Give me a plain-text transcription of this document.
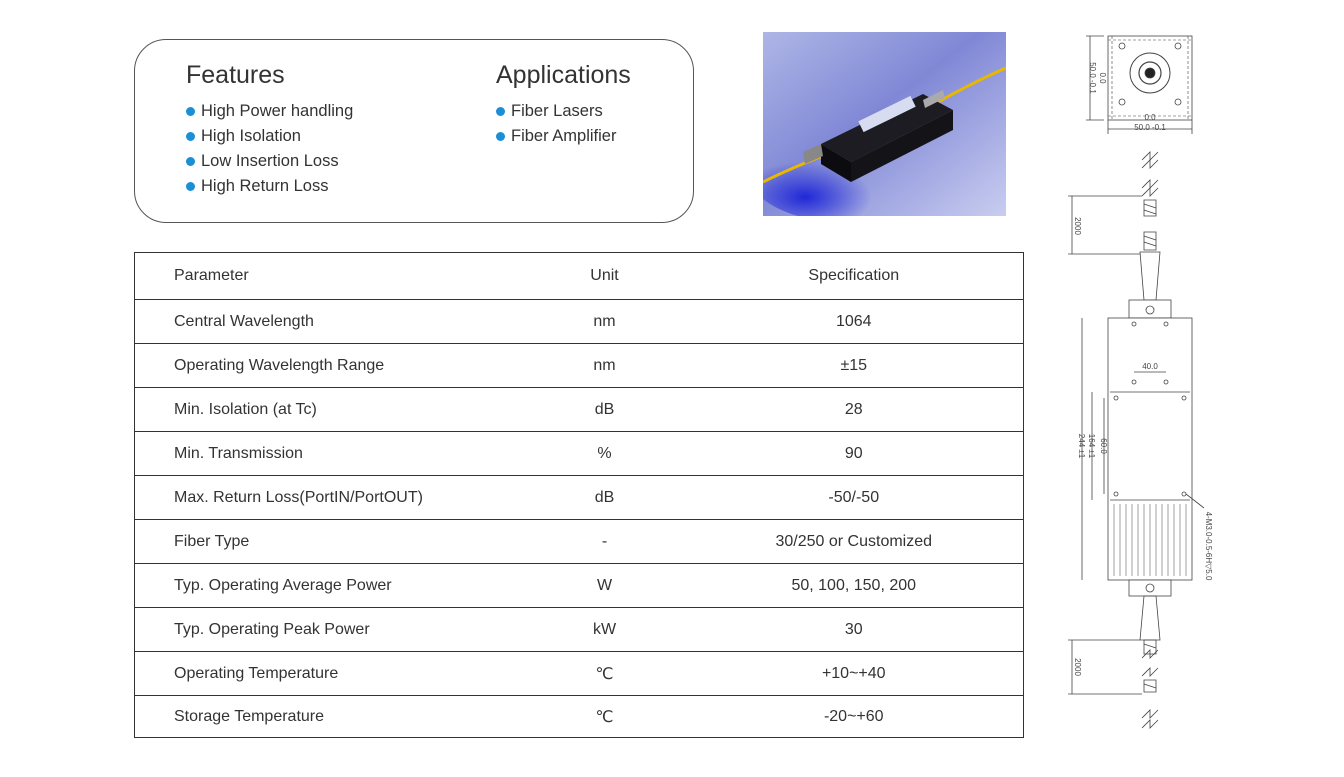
Features
High Power handling
High Isolation
Low Insertion Loss
High Return Loss
Applications
Fiber Lasers
Fiber Amplifier
Parameter	Unit	Specification
Central Wavelength	nm	1064
Operating Wavelength Range	nm	±15
Min. Isolation (at Tc)	dB	28
Min. Transmission	%	90
Max. Return Loss(PortIN/PortOUT)	dB	-50/-50
Fiber Type	-	30/250 or Customized
Typ. Operating Average Power	W	50, 100, 150, 200
Typ. Operating Peak Power	kW	30
Operating Temperature	℃	+10~+40
Storage Temperature	℃	-20~+60
0.0
50.0 -0.1
50.0 -0.1 0.0
2000
40.0
60.0
164 ±1
244 ±1
4-M3.0-0.5-6H▽5.0
2000
